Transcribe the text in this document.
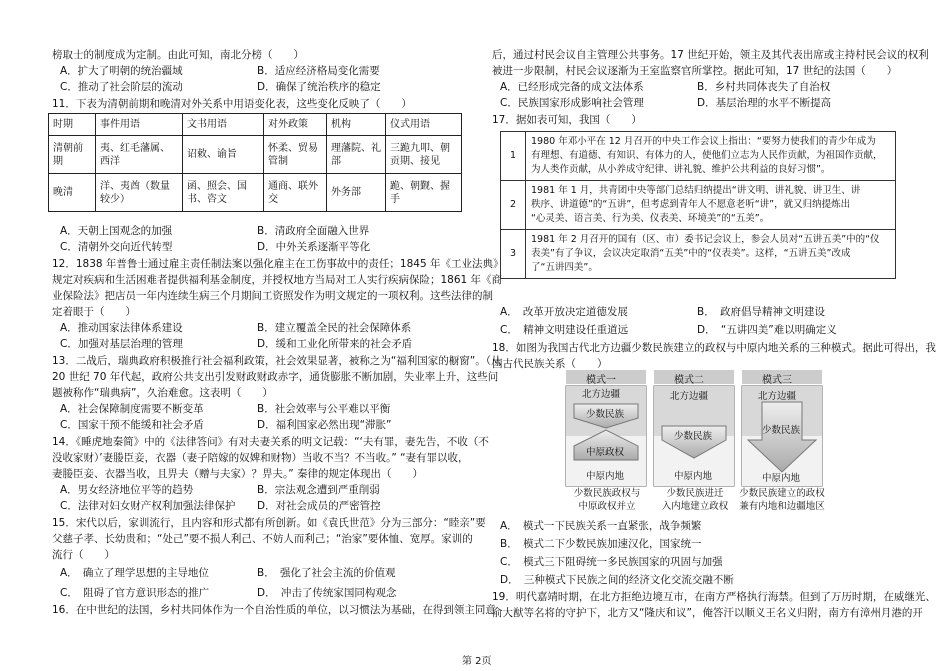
榜取士的制度成为定制。由此可知，南北分榜（　　）
A．扩大了明朝的统治疆域	B．适应经济格局变化需要
C．推动了社会阶层的流动	D．确保了统治秩序的稳定
11．下表为清朝前期和晚清对外关系中用语变化表，这些变化反映了（　　）
时期	事件用语	文书用语	对外政策	机构	仪式用语
清朝前期	夷、红毛藩属、西洋	诏敕、谕旨	怀柔、贸易管制	理藩院、礼部	三跪九叩、朝贡期、接见
晚清	洋、夷酋（数量较少）	函、照会、国书、咨文	通商、联外交	外务部	跪、朝觐、握手
A．天朝上国观念的加强	B．清政府全面融入世界
C．清朝外交向近代转型	D．中外关系逐渐平等化
12．1838 年普鲁士通过雇主责任制法案以强化雇主在工伤事故中的责任；1845 年《工业法典》
规定对疾病和生活困难者提供福利基金制度，并授权地方当局对工人实行疾病保险；1861 年《商
业保险法》把店员一年内连续生病三个月期间工资照发作为明文规定的一项权利。这些法律的制
定着眼于（　　）
A．推动国家法律体系建设	B．建立覆盖全民的社会保障体系
C．加强对基层治理的管理	D．缓和工业化所带来的社会矛盾
13．二战后，瑞典政府积极推行社会福利政策，社会效果显著，被称之为“福利国家的橱窗”。（从
20 世纪 70 年代起，政府公共支出引发财政财政赤字，通货膨胀不断加剧，失业率上升，这些问
题被称作“瑞典病”，久治难愈。这表明（　　）
A．社会保障制度需要不断变革	B．社会效率与公平难以平衡
C．国家干预不能缓和社会矛盾	D．福利国家必然出现“滞胀”
14．《睡虎地秦简》中的《法律答问》有对夫妻关系的明文记载：“‘夫有罪，妻先告，不收（不
没收家财）’妻媵臣妾，衣器（妻子陪嫁的奴婢和财物）当收不当？不当收。” “妻有罪以收，
妻媵臣妾、衣器当收，且畀夫（赠与夫家）？畀夫。” 秦律的规定体现出（　　）
A．男女经济地位平等的趋势	B．宗法观念遭到严重削弱
C．法律对妇女财产权利加强法律保护 D．对社会成员的严密管控
15．宋代以后，家训流行，且内容和形式都有所创新。如《袁氏世范》分为三部分：“睦亲”要
父慈子孝、长幼贵和；“处己”要不损人利己、不妨人而利己；“治家”要体恤、宽厚。家训的
流行（　　）
A．　确立了理学思想的主导地位	B．　强化了社会主流的价值观
C．　阻碍了官方意识形态的推广	D．　冲击了传统家国同构观念
16．在中世纪的法国，乡村共同体作为一个自治性质的单位，以习惯法为基础，在得到领主同意
后，通过村民会议自主管理公共事务。17 世纪开始，领主及其代表出席或主持村民会议的权利
被进一步限制，村民会议逐渐为王室监察官所掌控。据此可知，17 世纪的法国（　　）
A．已经形成完备的成文法体系	B．乡村共同体丧失了自治权
C．民族国家形成影响社会管理	D．基层治理的水平不断提高
17．据如表可知，我国（　　）
1	1980 年邓小平在 12 月召开的中央工作会议上指出：“要努力使我们的青少年成为
有理想、有道德、有知识、有体力的人，使他们立志为人民作贡献，为祖国作贡献，
为人类作贡献，从小养成守纪律、讲礼貌、维护公共利益的良好习惯”。

2	1981 年 1 月，共青团中央等部门总结归纳提出“讲文明、讲礼貌、讲卫生、讲
秩序、讲道德”的“五讲”，但考虑到青年人不愿意老听“讲”，就又归纳提炼出
“心灵美、语言美、行为美、仪表美、环境美”的“五美”。

3	1981 年 2 月召开的国有（区、市）委书记会议上，参会人员对“五讲五美”中的“仪
表美”有了争议，会议决定取消“五美”中的“仪表美”。这样，“五讲五美”改成
了“五讲四美”。
A．　改革开放决定道德发展	B．　政府倡导精神文明建设
C．　精神文明建设任重道远	D．　“五讲四美”难以明确定义
18．如图为我国古代北方边疆少数民族建立的政权与中原内地关系的三种模式。据此可得出，我
国古代民族关系（　　）
模式一	模式二	模式三
北方边疆
少数民族
中原政权
中原内地
北方边疆
少数民族
中原内地
北方边疆
少数民族
中原内地
少数民族政权与
中原政权并立
少数民族进迁
入内地建立政权
少数民族建立的政权
兼有内地和边疆地区
A．　模式一下民族关系一直紧张，战争频繁
B．　模式二下少数民族加速汉化，国家统一
C．　模式三下阻碍统一多民族国家的巩固与加强
D．　三种模式下民族之间的经济文化交流交融不断
19．明代嘉靖时期，在北方拒绝边境互市，在南方严格执行海禁。但到了万历时期，在威继光、
俞大猷等名将的守护下，北方又“隆庆和议”，俺答汗以顺义王名义归附，南方有漳州月港的开
第 2页
